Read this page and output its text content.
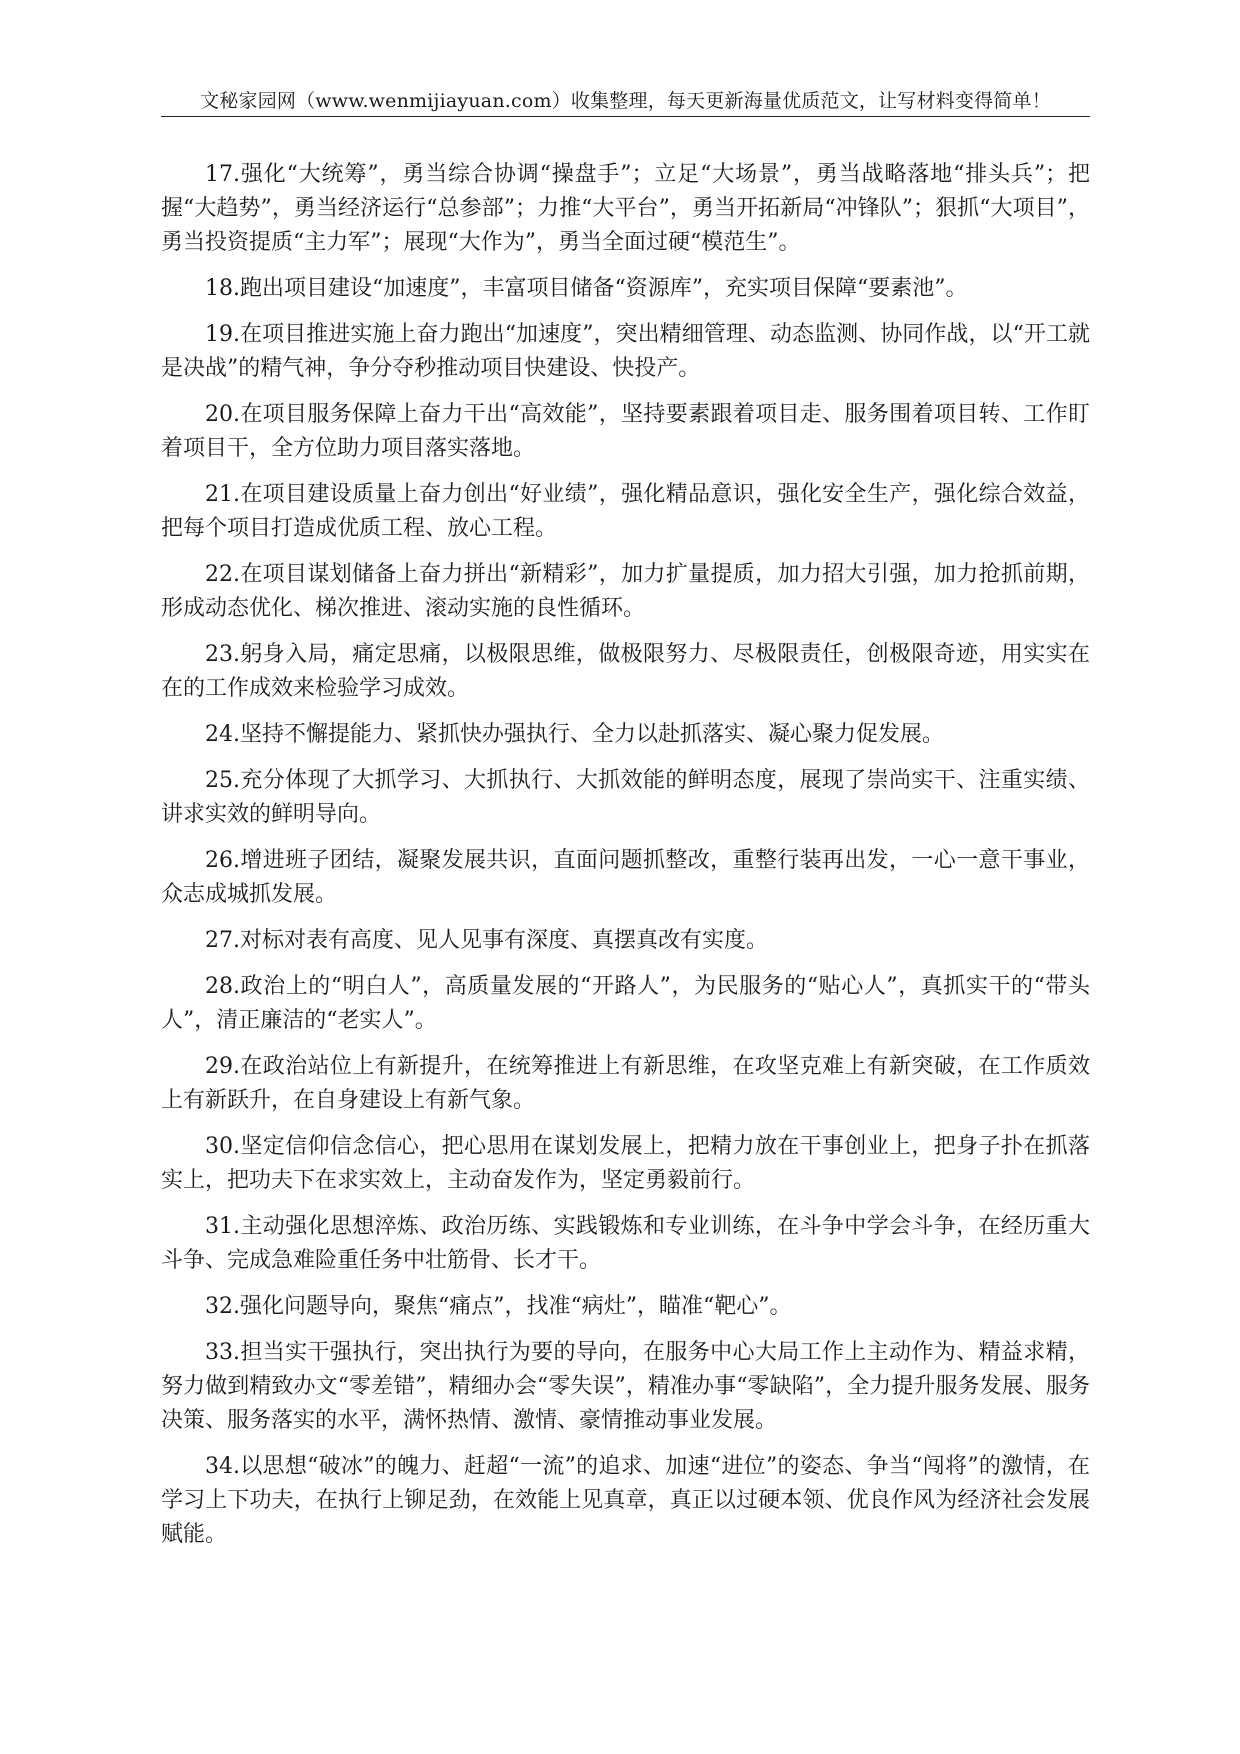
文秘家园网（www.wenmijiayuan.com）收集整理，每天更新海量优质范文，让写材料变得简单！

17.强化“大统筹”，勇当综合协调“操盘手”；立足“大场景”，勇当战略落地“排头兵”；把握“大趋势”，勇当经济运行“总参部”；力推“大平台”，勇当开拓新局“冲锋队”；狠抓“大项目”，勇当投资提质“主力军”；展现“大作为”，勇当全面过硬“模范生”。

18.跑出项目建设“加速度”，丰富项目储备“资源库”，充实项目保障“要素池”。

19.在项目推进实施上奋力跑出“加速度”，突出精细管理、动态监测、协同作战，以“开工就是决战”的精气神，争分夺秒推动项目快建设、快投产。

20.在项目服务保障上奋力干出“高效能”，坚持要素跟着项目走、服务围着项目转、工作盯着项目干，全方位助力项目落实落地。

21.在项目建设质量上奋力创出“好业绩”，强化精品意识，强化安全生产，强化综合效益，把每个项目打造成优质工程、放心工程。

22.在项目谋划储备上奋力拼出“新精彩”，加力扩量提质，加力招大引强，加力抢抓前期，形成动态优化、梯次推进、滚动实施的良性循环。

23.躬身入局，痛定思痛，以极限思维，做极限努力、尽极限责任，创极限奇迹，用实实在在的工作成效来检验学习成效。

24.坚持不懈提能力、紧抓快办强执行、全力以赴抓落实、凝心聚力促发展。

25.充分体现了大抓学习、大抓执行、大抓效能的鲜明态度，展现了崇尚实干、注重实绩、讲求实效的鲜明导向。

26.增进班子团结，凝聚发展共识，直面问题抓整改，重整行装再出发，一心一意干事业，众志成城抓发展。

27.对标对表有高度、见人见事有深度、真摆真改有实度。

28.政治上的“明白人”，高质量发展的“开路人”，为民服务的“贴心人”，真抓实干的“带头人”，清正廉洁的“老实人”。

29.在政治站位上有新提升，在统筹推进上有新思维，在攻坚克难上有新突破，在工作质效上有新跃升，在自身建设上有新气象。

30.坚定信仰信念信心，把心思用在谋划发展上，把精力放在干事创业上，把身子扑在抓落实上，把功夫下在求实效上，主动奋发作为，坚定勇毅前行。

31.主动强化思想淬炼、政治历练、实践锻炼和专业训练，在斗争中学会斗争，在经历重大斗争、完成急难险重任务中壮筋骨、长才干。

32.强化问题导向，聚焦“痛点”，找准“病灶”，瞄准“靶心”。

33.担当实干强执行，突出执行为要的导向，在服务中心大局工作上主动作为、精益求精，努力做到精致办文“零差错”，精细办会“零失误”，精准办事“零缺陷”，全力提升服务发展、服务决策、服务落实的水平，满怀热情、激情、豪情推动事业发展。

34.以思想“破冰”的魄力、赶超“一流”的追求、加速“进位”的姿态、争当“闯将”的激情，在学习上下功夫，在执行上铆足劲，在效能上见真章，真正以过硬本领、优良作风为经济社会发展赋能。
